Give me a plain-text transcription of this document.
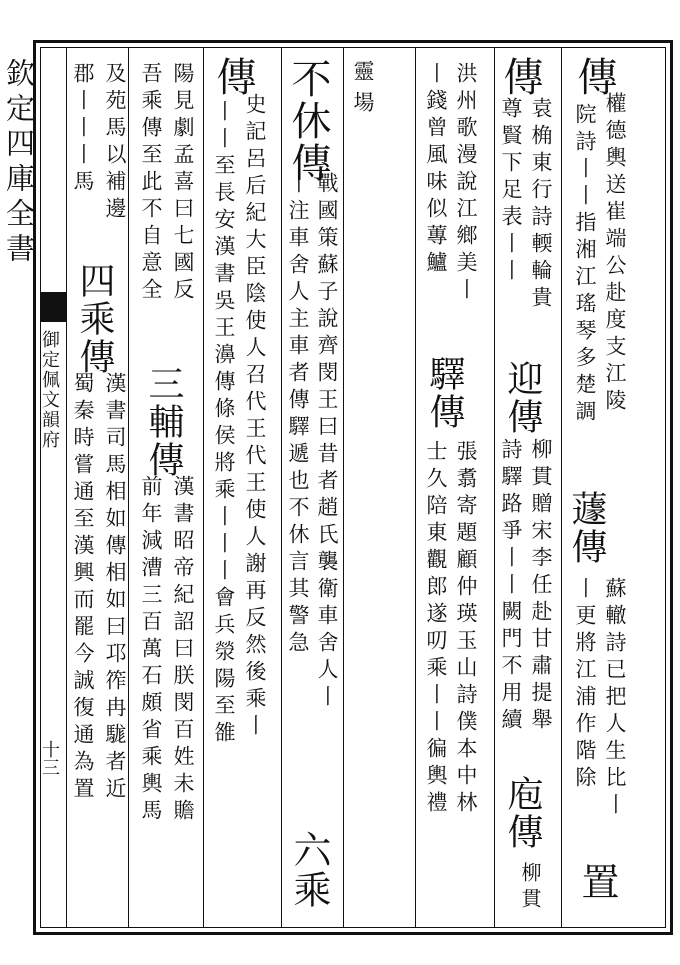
欽定四庫全書
御定佩文韻府
十三
傳
權德輿送崔端公赴度支江陵
院詩丨丨指湘江瑤琴多楚調
蘧傳
蘇轍詩已把人生比丨
丨更將江浦作階除
置
傳
袁桷東行詩輭輪貴
尊賢下足表丨丨
迎傳
柳貫贈宋李任赴甘肅提舉
詩驛路爭丨丨闕門不用續
庖傳
柳貫
洪州歌漫說江鄉美丨
丨錢曾風味似蓴鱸
驛傳
張翥寄題顧仲瑛玉山詩僕本中林
士久陪東觀郎遂叨乘丨丨徧輿禮
靈場
不休傳
戰國策蘇子說齊閔王曰昔者趙氏襲衛車舍人丨
丨注車舍人主車者傳驛遞也不休言其警急
六乘
傳
史記呂后紀大臣陰使人召代王代王使人謝再反然後乘丨
丨丨至長安漢書吳王濞傳條侯將乘丨丨丨會兵滎陽至雒
陽見劇孟喜曰七國反
吾乘傳至此不自意全
三輔傳
漢書昭帝紀詔曰朕閔百姓未贍
前年減漕三百萬石頗省乘輿馬
及苑馬以補邊
郡丨丨丨馬
四乘傳
漢書司馬相如傳相如曰邛筰冉駹者近
蜀秦時嘗通至漢興而罷今誠復通為置
